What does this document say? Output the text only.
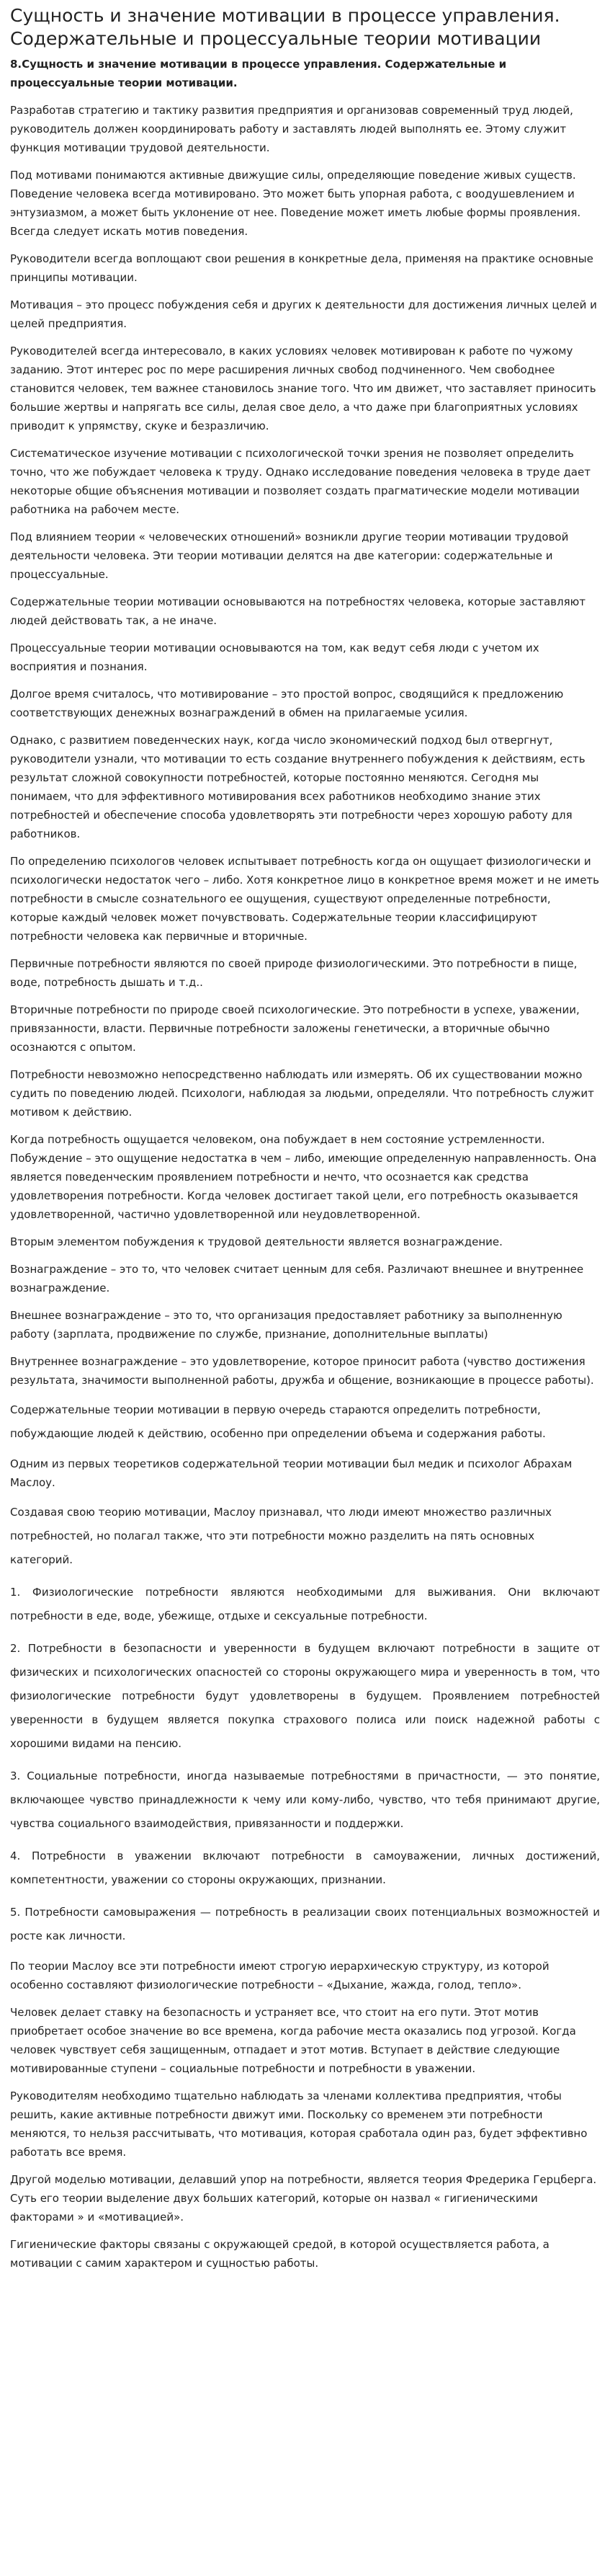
Сущность и значение мотивации в процессе управления. Содержательные и процессуальные теории мотивации

8.Сущность и значение мотивации в процессе управления. Содержательные и процессуальные теории мотивации.

Разработав стратегию и тактику развития предприятия и организовав современный труд людей, руководитель должен координировать работу и заставлять людей выполнять ее. Этому служит функция мотивации трудовой деятельности.

Под мотивами понимаются активные движущие силы, определяющие поведение живых существ. Поведение человека всегда мотивировано. Это может быть упорная работа, с воодушевлением и энтузиазмом, а может быть уклонение от нее. Поведение может иметь любые формы проявления. Всегда следует искать мотив поведения.

Руководители всегда воплощают свои решения в конкретные дела, применяя на практике основные принципы мотивации.

Мотивация – это процесс побуждения себя и других к деятельности для достижения личных целей и целей предприятия.

Руководителей всегда интересовало, в каких условиях человек мотивирован к работе по чужому заданию. Этот интерес рос по мере расширения личных свобод подчиненного. Чем свободнее становится человек, тем важнее становилось знание того. Что им движет, что заставляет приносить большие жертвы и напрягать все силы, делая свое дело, а что даже при благоприятных условиях приводит к упрямству, скуке и безразличию.

Систематическое изучение мотивации с психологической точки зрения не позволяет определить точно, что же побуждает человека к труду. Однако исследование поведения человека в труде дает некоторые общие объяснения мотивации и позволяет создать прагматические модели мотивации работника на рабочем месте.

Под влиянием теории « человеческих отношений» возникли другие теории мотивации трудовой деятельности человека. Эти теории мотивации делятся на две категории: содержательные и процессуальные.

Содержательные теории мотивации основываются на потребностях человека, которые заставляют людей действовать так, а не иначе.

Процессуальные теории мотивации основываются на том, как ведут себя люди с учетом их восприятия и познания.

Долгое время считалось, что мотивирование – это простой вопрос, сводящийся к предложению соответствующих денежных вознаграждений в обмен на прилагаемые усилия.

Однако, с развитием поведенческих наук, когда число экономический подход был отвергнут, руководители узнали, что мотивации то есть создание внутреннего побуждения к действиям, есть результат сложной совокупности потребностей, которые постоянно меняются. Сегодня мы понимаем, что для эффективного мотивирования всех работников необходимо знание этих потребностей и обеспечение способа удовлетворять эти потребности через хорошую работу для работников.

По определению психологов человек испытывает потребность когда он ощущает физиологически и психологически недостаток чего – либо. Хотя конкретное лицо в конкретное время может и не иметь потребности в смысле сознательного ее ощущения, существуют определенные потребности, которые каждый человек может почувствовать. Содержательные теории классифицируют потребности человека как первичные и вторичные.

Первичные потребности являются по своей природе физиологическими. Это потребности в пище, воде, потребность дышать и т.д..

Вторичные потребности по природе своей психологические. Это потребности в успехе, уважении, привязанности, власти. Первичные потребности заложены генетически, а вторичные обычно осознаются с опытом.

Потребности невозможно непосредственно наблюдать или измерять. Об их существовании можно судить по поведению людей. Психологи, наблюдая за людьми, определяли. Что потребность служит мотивом к действию.

Когда потребность ощущается человеком, она побуждает в нем состояние устремленности. Побуждение – это ощущение недостатка в чем – либо, имеющие определенную направленность. Она является поведенческим проявлением потребности и нечто, что осознается как средства удовлетворения потребности. Когда человек достигает такой цели, его потребность оказывается удовлетворенной, частично удовлетворенной или неудовлетворенной.

Вторым элементом побуждения к трудовой деятельности является вознаграждение.

Вознаграждение – это то, что человек считает ценным для себя. Различают внешнее и внутреннее вознаграждение.

Внешнее вознаграждение – это то, что организация предоставляет работнику за выполненную работу (зарплата, продвижение по службе, признание, дополнительные выплаты)

Внутреннее вознаграждение – это удовлетворение, которое приносит работа (чувство достижения результата, значимости выполненной работы, дружба и общение, возникающие в процессе работы).

Содержательные теории мотивации в первую очередь стараются определить потребности, побуждающие людей к действию, особенно при определении объема и содержания работы.

Одним из первых теоретиков содержательной теории мотивации был медик и психолог Абрахам Маслоу.

Создавая свою теорию мотивации, Маслоу признавал, что люди имеют множество различных потребностей, но полагал также, что эти потребности можно разделить на пять основных категорий.

1. Физиологические потребности являются необходимыми для выживания. Они включают потребности в еде, воде, убежище, отдыхе и сексуальные потребности.

2. Потребности в безопасности и уверенности в будущем включают потребности в защите от физических и психологических опасностей со стороны окружающего мира и уверенность в том, что физиологические потребности будут удовлетворены в будущем. Проявлением потребностей уверенности в будущем является покупка страхового полиса или поиск надежной работы с хорошими видами на пенсию.

3. Социальные потребности, иногда называемые потребностями в причастности, — это понятие, включающее чувство принадлежности к чему или кому-либо, чувство, что тебя принимают другие, чувства социального взаимодействия, привязанности и поддержки.

4. Потребности в уважении включают потребности в самоуважении, личных достижений, компетентности, уважении со стороны окружающих, признании.

5. Потребности самовыражения — потребность в реализации своих потенциальных возможностей и росте как личности.

По теории Маслоу все эти потребности имеют строгую иерархическую структуру, из которой особенно составляют физиологические потребности – «Дыхание, жажда, голод, тепло».

Человек делает ставку на безопасность и устраняет все, что стоит на его пути. Этот мотив приобретает особое значение во все времена, когда рабочие места оказались под угрозой. Когда человек чувствует себя защищенным, отпадает и этот мотив. Вступает в действие следующие мотивированные ступени – социальные потребности и потребности в уважении.

Руководителям необходимо тщательно наблюдать за членами коллектива предприятия, чтобы решить, какие активные потребности движут ими. Поскольку со временем эти потребности меняются, то нельзя рассчитывать, что мотивация, которая сработала один раз, будет эффективно работать все время.

Другой моделью мотивации, делавший упор на потребности, является теория Фредерика Герцберга. Суть его теории выделение двух больших категорий, которые он назвал « гигиеническими факторами » и «мотивацией».

Гигиенические факторы связаны с окружающей средой, в которой осуществляется работа, а мотивации с самим характером и сущностью работы.
